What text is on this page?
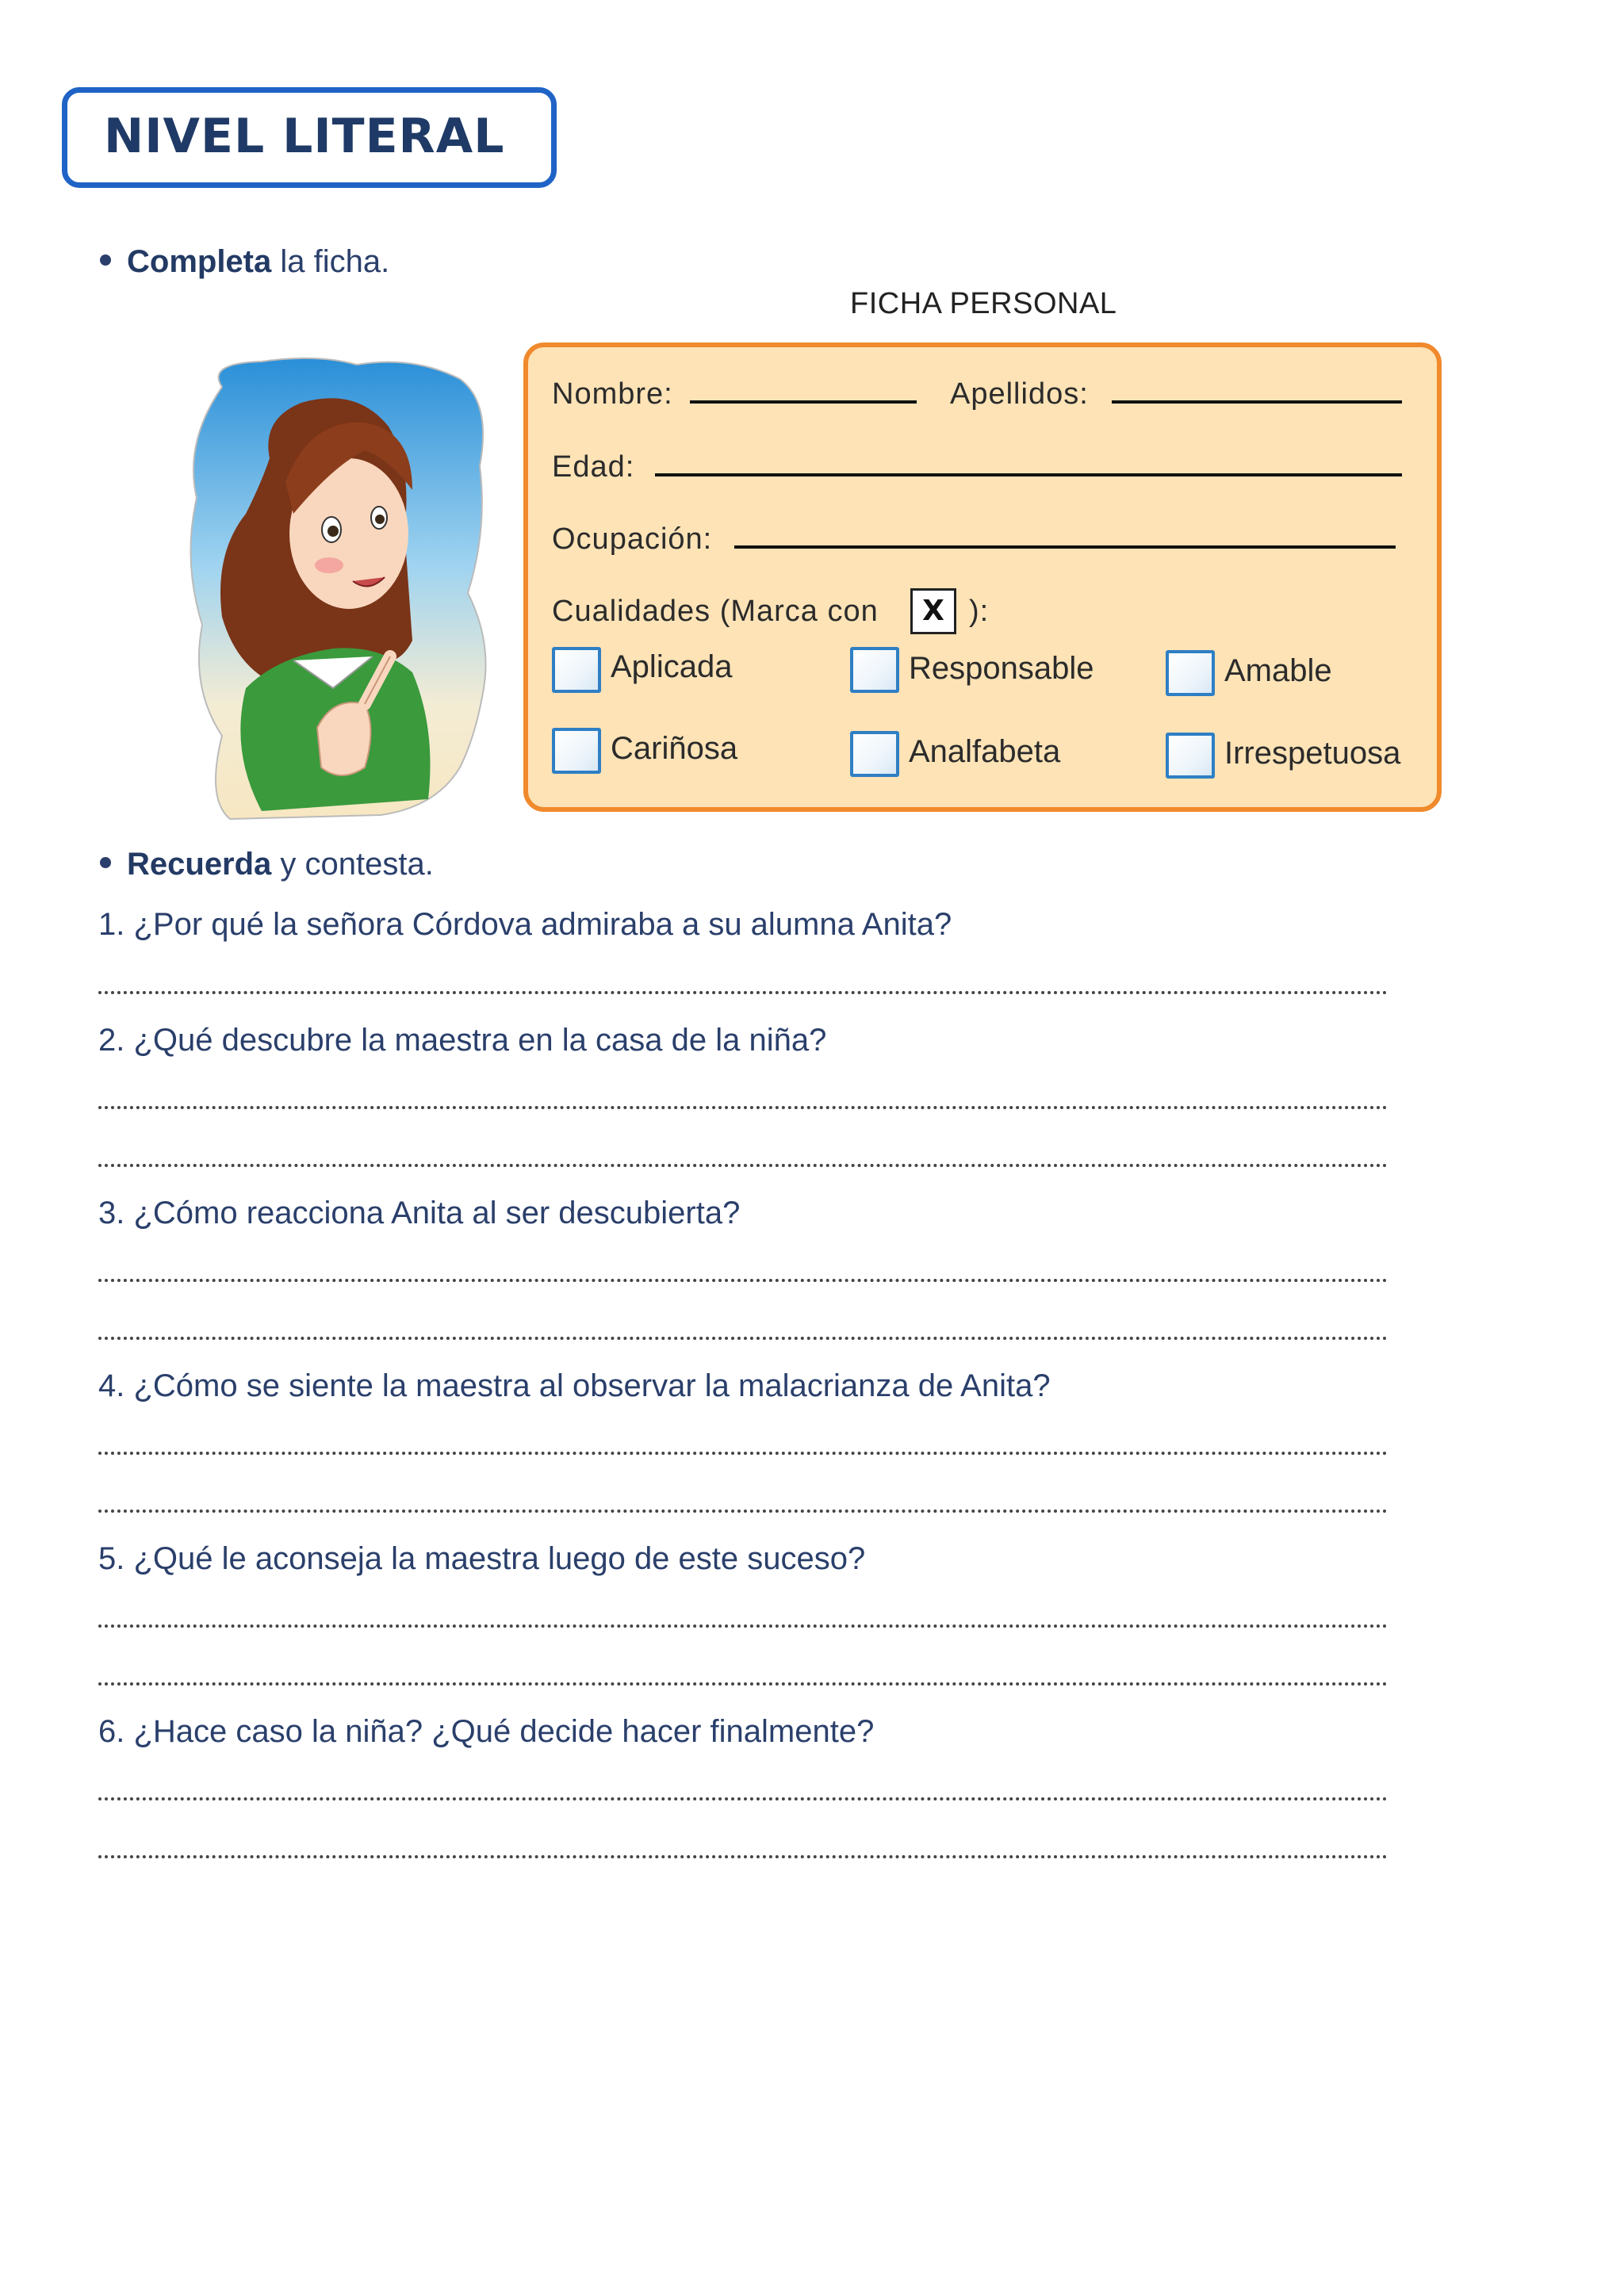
NIVEL LITERAL
Completa la ficha.
FICHA PERSONAL
Nombre:	Apellidos:
Edad:
Ocupación:
Cualidades (Marca con	X ):
Aplicada	Responsable	Amable
Cariñosa	Analfabeta	Irrespetuosa
Recuerda y contesta.
1. ¿Por qué la señora Córdova admiraba a su alumna Anita?
2. ¿Qué descubre la maestra en la casa de la niña?
3. ¿Cómo reacciona Anita al ser descubierta?
4. ¿Cómo se siente la maestra al observar la malacrianza de Anita?
5. ¿Qué le aconseja la maestra luego de este suceso?
6. ¿Hace caso la niña? ¿Qué decide hacer finalmente?
